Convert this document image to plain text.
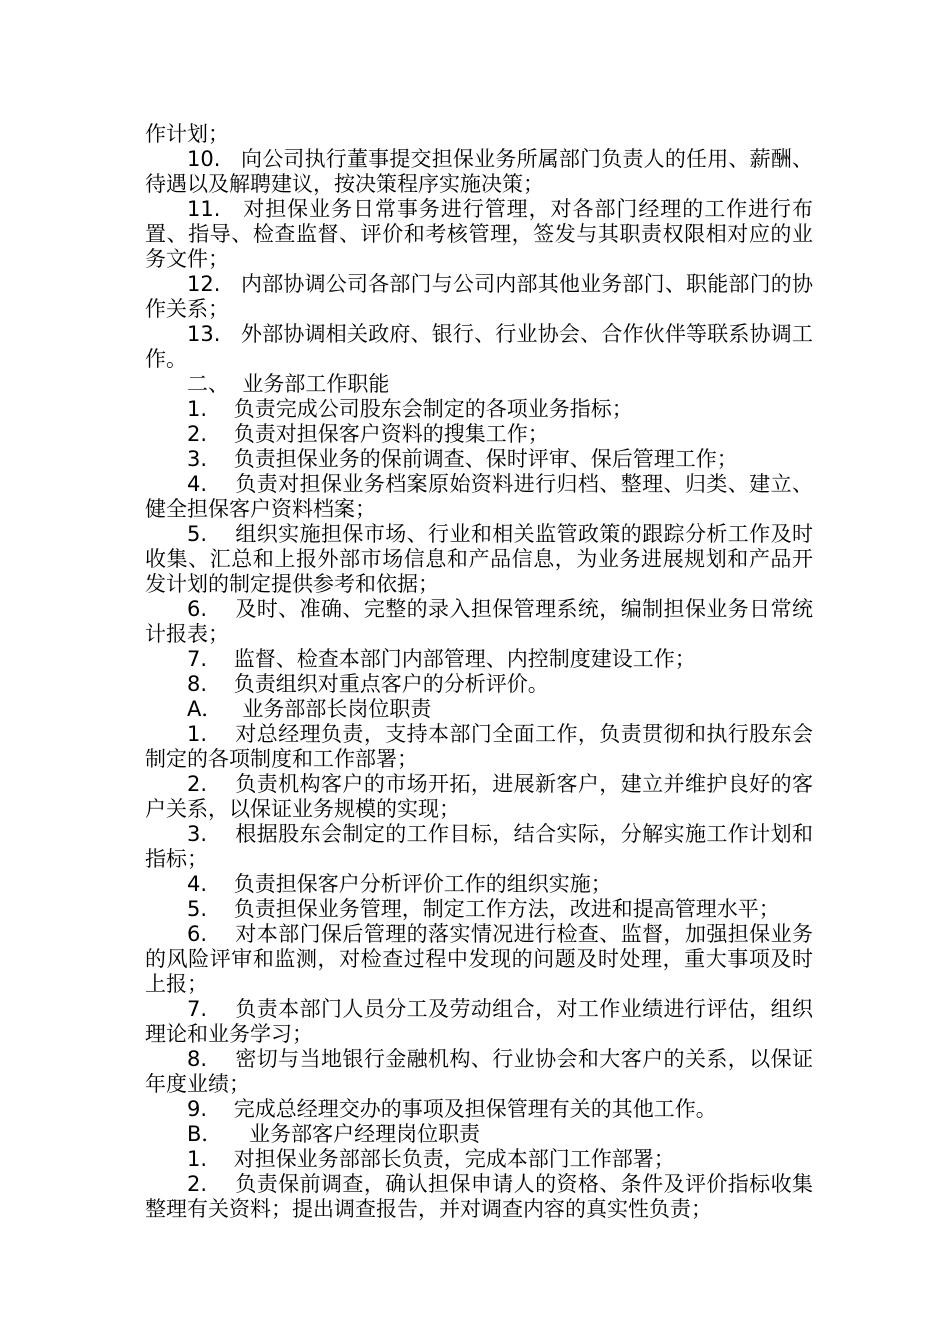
作计划；

10.   向公司执行董事提交担保业务所属部门负责人的任用、薪酬、待遇以及解聘建议，按决策程序实施决策；

11.   对担保业务日常事务进行管理，对各部门经理的工作进行布置、指导、检查监督、评价和考核管理，签发与其职责权限相对应的业务文件；

12.   内部协调公司各部门与公司内部其他业务部门、职能部门的协作关系；

13.   外部协调相关政府、银行、行业协会、合作伙伴等联系协调工作。

二、  业务部工作职能

1.    负责完成公司股东会制定的各项业务指标；

2.    负责对担保客户资料的搜集工作；

3.    负责担保业务的保前调查、保时评审、保后管理工作；

4.    负责对担保业务档案原始资料进行归档、整理、归类、建立、健全担保客户资料档案；

5.    组织实施担保市场、行业和相关监管政策的跟踪分析工作及时收集、汇总和上报外部市场信息和产品信息，为业务进展规划和产品开发计划的制定提供参考和依据；

6.    及时、准确、完整的录入担保管理系统，编制担保业务日常统计报表；

7.    监督、检查本部门内部管理、内控制度建设工作；

8.    负责组织对重点客户的分析评价。

A．   业务部部长岗位职责

1.    对总经理负责，支持本部门全面工作，负责贯彻和执行股东会制定的各项制度和工作部署；

2.    负责机构客户的市场开拓，进展新客户，建立并维护良好的客户关系，以保证业务规模的实现；

3.    根据股东会制定的工作目标，结合实际，分解实施工作计划和指标；

4.    负责担保客户分析评价工作的组织实施；

5.    负责担保业务管理，制定工作方法，改进和提高管理水平；

6.    对本部门保后管理的落实情况进行检查、监督，加强担保业务的风险评审和监测，对检查过程中发现的问题及时处理，重大事项及时上报；

7.    负责本部门人员分工及劳动组合，对工作业绩进行评估，组织理论和业务学习；

8.    密切与当地银行金融机构、行业协会和大客户的关系，以保证年度业绩；

9.    完成总经理交办的事项及担保管理有关的其他工作。

B．    业务部客户经理岗位职责

1.    对担保业务部部长负责，完成本部门工作部署；

2.    负责保前调查，确认担保申请人的资格、条件及评价指标收集整理有关资料；提出调查报告，并对调查内容的真实性负责；
